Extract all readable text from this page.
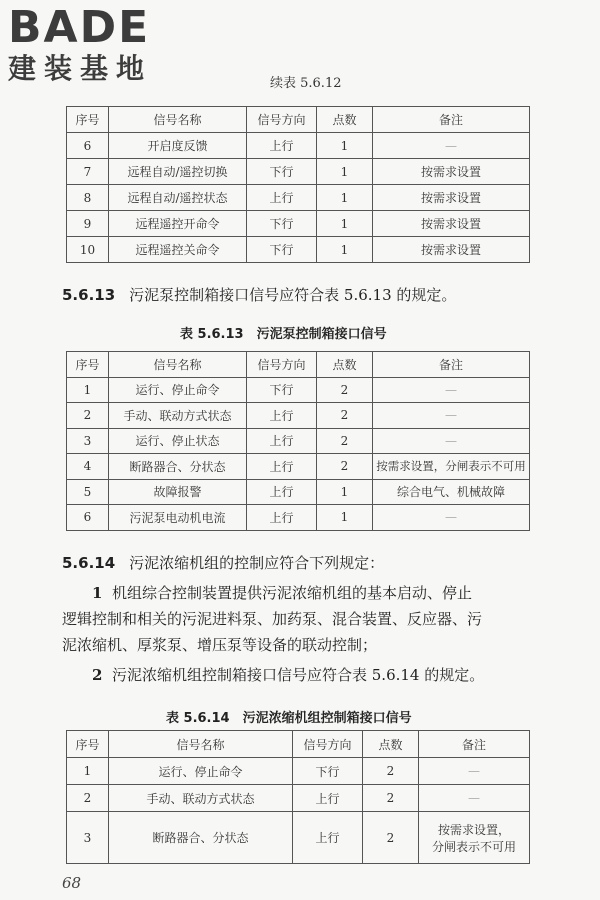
BADE
建装基地	续表 5.6.12
序号	信号名称	信号方向	点数	备注
6	开启度反馈	上行	1	—
7	远程自动/遥控切换	下行	1	按需求设置
8	远程自动/遥控状态	上行	1	按需求设置
9	远程遥控开命令	下行	1	按需求设置
10	远程遥控关命令	下行	1	按需求设置
5.6.13 污泥泵控制箱接口信号应符合表 5.6.13 的规定。
表 5.6.13　污泥泵控制箱接口信号
序号	信号名称	信号方向	点数	备注
1	运行、停止命令	下行	2	—
2	手动、联动方式状态	上行	2	—
3	运行、停止状态	上行	2	—
4	断路器合、分状态	上行	2	按需求设置，分闸表示不可用
5	故障报警	上行	1	综合电气、机械故障
6	污泥泵电动机电流	上行	1	—
5.6.14 污泥浓缩机组的控制应符合下列规定：
1 机组综合控制装置提供污泥浓缩机组的基本启动、停止
逻辑控制和相关的污泥进料泵、加药泵、混合装置、反应器、污
泥浓缩机、厚浆泵、增压泵等设备的联动控制；
2 污泥浓缩机组控制箱接口信号应符合表 5.6.14 的规定。
表 5.6.14　污泥浓缩机组控制箱接口信号
序号	信号名称	信号方向	点数	备注
1	运行、停止命令	下行	2	—
2	手动、联动方式状态	上行	2	—
3	断路器合、分状态	上行	2	按需求设置，
分闸表示不可用
68
